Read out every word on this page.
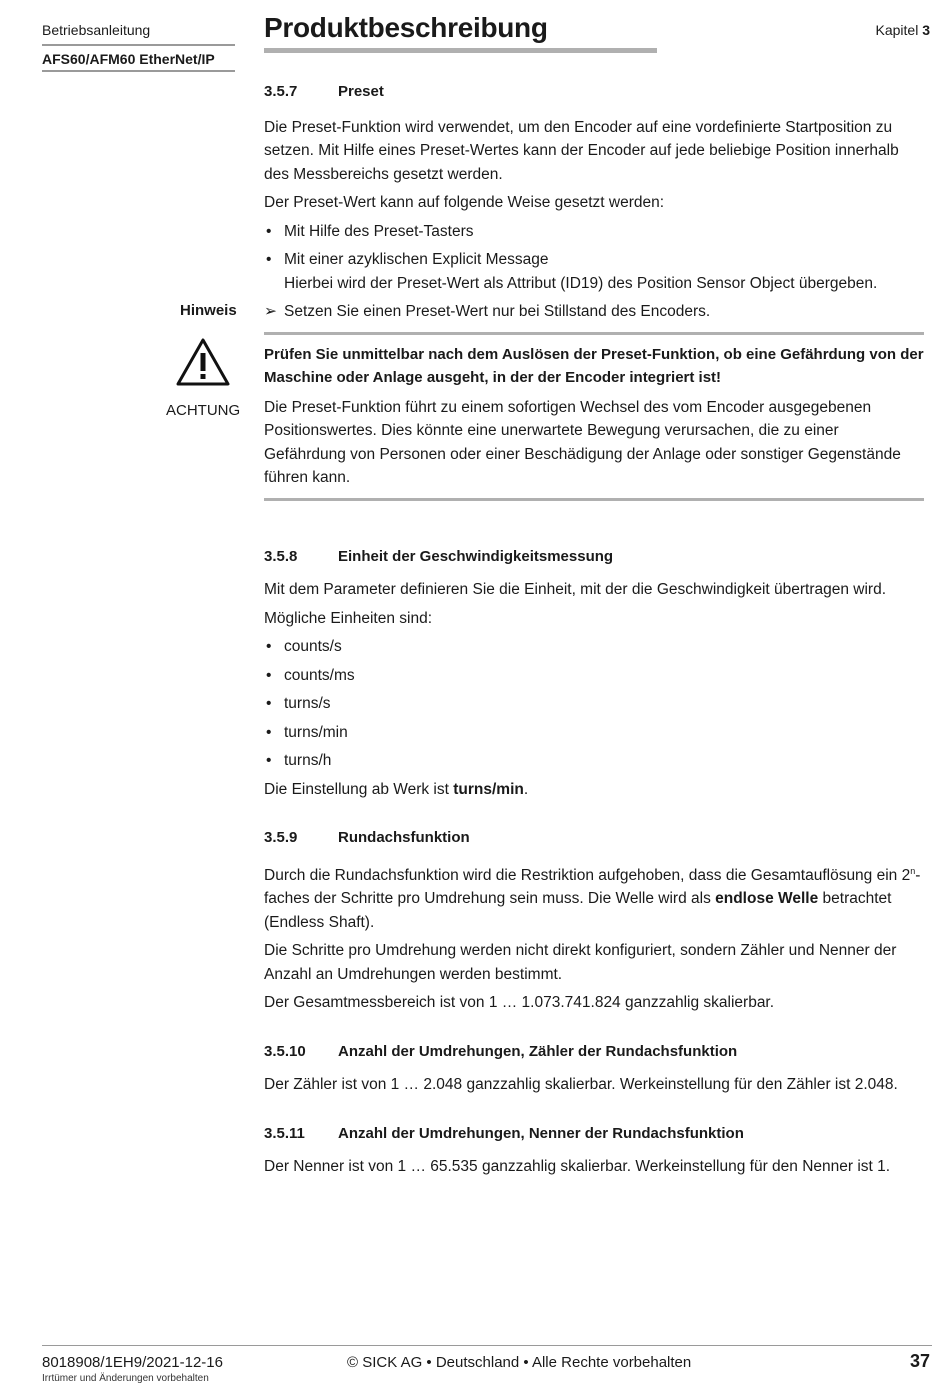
Betriebsanleitung
AFS60/AFM60 EtherNet/IP
Produktbeschreibung	Kapitel 3
Hinweis
ACHTUNG
3.5.7	Preset

Die Preset-Funktion wird verwendet, um den Encoder auf eine vordefinierte Startposition zu setzen. Mit Hilfe eines Preset-Wertes kann der Encoder auf jede beliebige Position innerhalb des Messbereichs gesetzt werden.

Der Preset-Wert kann auf folgende Weise gesetzt werden:

• Mit Hilfe des Preset-Tasters
• Mit einer azyklischen Explicit Message
Hierbei wird der Preset-Wert als Attribut (ID19) des Position Sensor Object übergeben.
➢ Setzen Sie einen Preset-Wert nur bei Stillstand des Encoders.
Prüfen Sie unmittelbar nach dem Auslösen der Preset-Funktion, ob eine Gefährdung von der Maschine oder Anlage ausgeht, in der der Encoder integriert ist!
Die Preset-Funktion führt zu einem sofortigen Wechsel des vom Encoder ausgegebenen Positionswertes. Dies könnte eine unerwartete Bewegung verursachen, die zu einer Gefährdung von Personen oder einer Beschädigung der Anlage oder sonstiger Gegenstände führen kann.
3.5.8	Einheit der Geschwindigkeitsmessung

Mit dem Parameter definieren Sie die Einheit, mit der die Geschwindigkeit übertragen wird.

Mögliche Einheiten sind:

• counts/s
• counts/ms
• turns/s
• turns/min
• turns/h

Die Einstellung ab Werk ist turns/min.

3.5.9	Rundachsfunktion

Durch die Rundachsfunktion wird die Restriktion aufgehoben, dass die Gesamtauflösung ein 2$^n$-faches der Schritte pro Umdrehung sein muss. Die Welle wird als endlose Welle betrachtet (Endless Shaft).

Die Schritte pro Umdrehung werden nicht direkt konfiguriert, sondern Zähler und Nenner der Anzahl an Umdrehungen werden bestimmt.

Der Gesamtmessbereich ist von 1 … 1.073.741.824 ganzzahlig skalierbar.

3.5.10	Anzahl der Umdrehungen, Zähler der Rundachsfunktion

Der Zähler ist von 1 … 2.048 ganzzahlig skalierbar. Werkeinstellung für den Zähler ist 2.048.

3.5.11	Anzahl der Umdrehungen, Nenner der Rundachsfunktion

Der Nenner ist von 1 … 65.535 ganzzahlig skalierbar. Werkeinstellung für den Nenner ist 1.

8018908/1EH9/2021-12-16
Irrtümer und Änderungen vorbehalten
© SICK AG • Deutschland • Alle Rechte vorbehalten	37
